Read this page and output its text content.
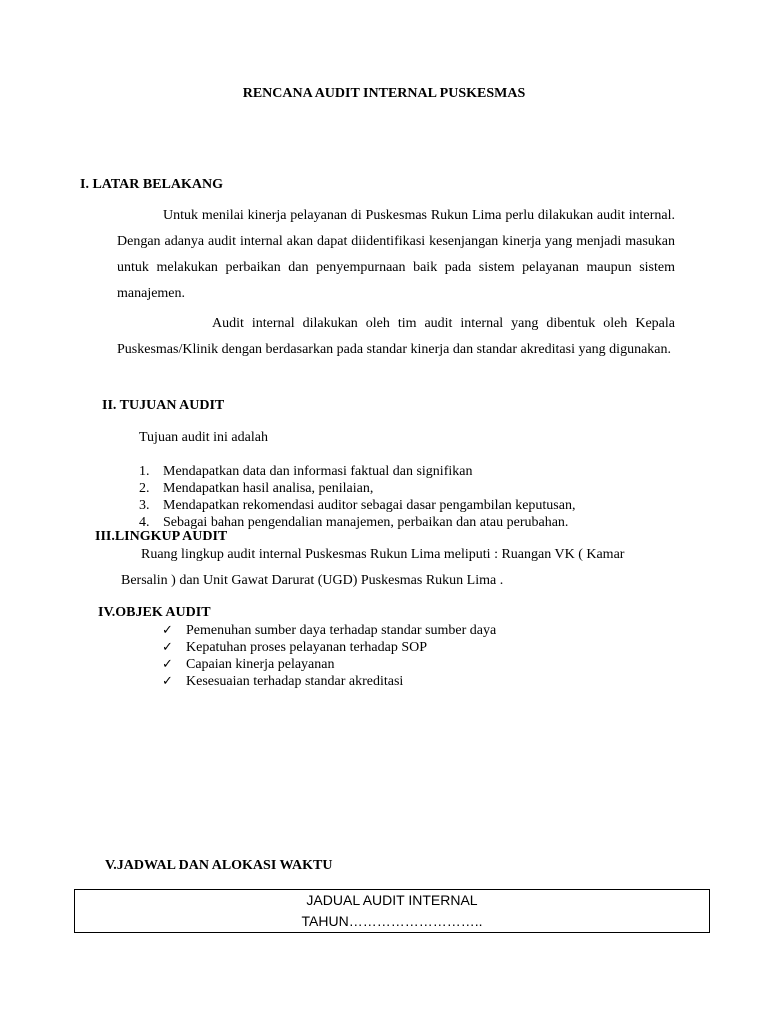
RENCANA AUDIT INTERNAL PUSKESMAS
I. LATAR BELAKANG
Untuk menilai kinerja pelayanan di Puskesmas Rukun Lima perlu dilakukan audit internal. Dengan adanya audit internal akan dapat diidentifikasi kesenjangan kinerja yang menjadi masukan untuk melakukan perbaikan dan penyempurnaan baik pada sistem pelayanan maupun sistem manajemen.
Audit internal dilakukan oleh tim audit internal yang dibentuk oleh Kepala Puskesmas/Klinik dengan berdasarkan pada standar kinerja dan standar akreditasi yang digunakan.
II. TUJUAN AUDIT
Tujuan audit ini adalah
1. Mendapatkan data dan informasi faktual dan signifikan
2. Mendapatkan hasil analisa, penilaian,
3. Mendapatkan rekomendasi auditor sebagai dasar pengambilan keputusan,
4. Sebagai bahan pengendalian manajemen, perbaikan dan atau perubahan.
III.LINGKUP AUDIT
Ruang lingkup audit internal Puskesmas Rukun Lima meliputi : Ruangan VK ( Kamar
Bersalin ) dan Unit Gawat Darurat (UGD) Puskesmas Rukun Lima .
IV.OBJEK AUDIT
✓ Pemenuhan sumber daya terhadap standar sumber daya
✓ Kepatuhan proses pelayanan terhadap SOP
✓ Capaian kinerja pelayanan
✓ Kesesuaian terhadap standar akreditasi
V.JADWAL DAN ALOKASI WAKTU
JADUAL AUDIT INTERNAL
TAHUN………………………..
